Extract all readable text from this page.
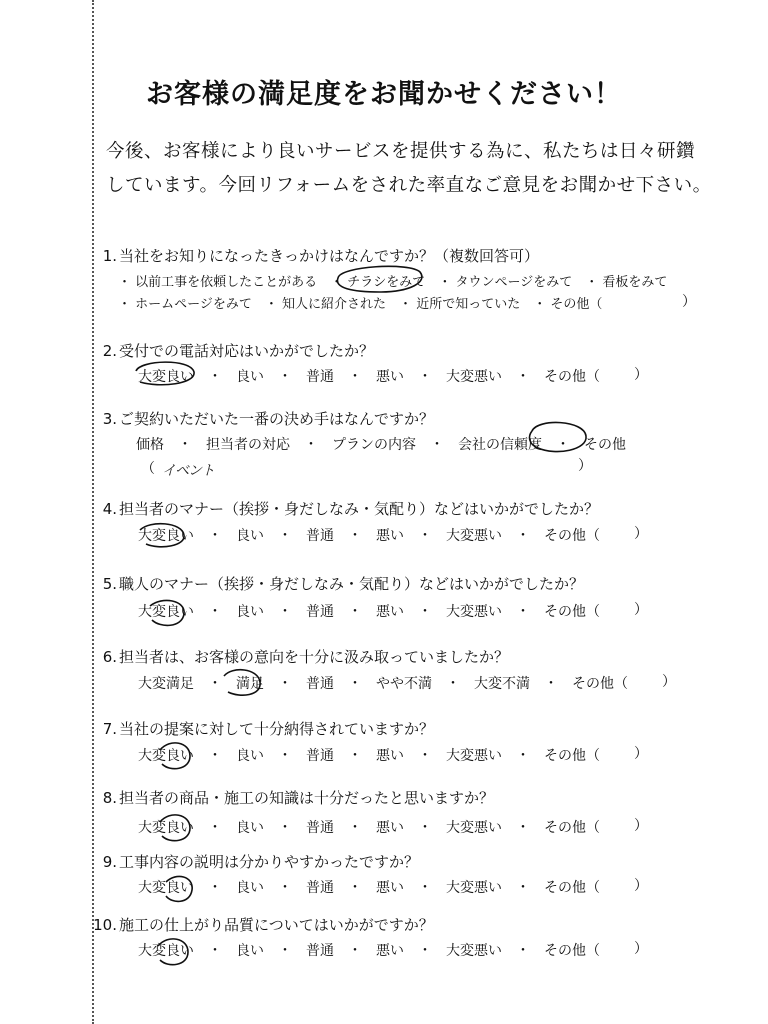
お客様の満足度をお聞かせください！
今後、お客様により良いサービスを提供する為に、私たちは日々研鑽
しています。今回リフォームをされた率直なご意見をお聞かせ下さい。
1. 当社をお知りになったきっかけはなんですか？（複数回答可）
・ 以前工事を依頼したことがある　・ チラシをみて　・ タウンページをみて　・ 看板をみて
・ ホームページをみて　・ 知人に紹介された　・ 近所で知っていた　・ その他（	）
2. 受付での電話対応はいかがでしたか？
大変良い　・　良い　・　普通　・　悪い　・　大変悪い　・　その他（ ）
3. ご契約いただいた一番の決め手はなんですか？
価格　・　担当者の対応　・　プランの内容　・　会社の信頼度　・　その他
（ イベント	）
4. 担当者のマナー（挨拶・身だしなみ・気配り）などはいかがでしたか？
大変良い　・　良い　・　普通　・　悪い　・　大変悪い　・　その他（ ）
5. 職人のマナー（挨拶・身だしなみ・気配り）などはいかがでしたか？
大変良い　・　良い　・　普通　・　悪い　・　大変悪い　・　その他（ ）
6. 担当者は、お客様の意向を十分に汲み取っていましたか？
大変満足　・　満足　・　普通　・　やや不満　・　大変不満　・　その他（ ）
7. 当社の提案に対して十分納得されていますか？
大変良い　・　良い　・　普通　・　悪い　・　大変悪い　・　その他（ ）
8. 担当者の商品・施工の知識は十分だったと思いますか？
大変良い　・　良い　・　普通　・　悪い　・　大変悪い　・　その他（ ）
9. 工事内容の説明は分かりやすかったですか？
大変良い　・　良い　・　普通　・　悪い　・　大変悪い　・　その他（ ）
10. 施工の仕上がり品質についてはいかがですか？
大変良い　・　良い　・　普通　・　悪い　・　大変悪い　・　その他（ ）
